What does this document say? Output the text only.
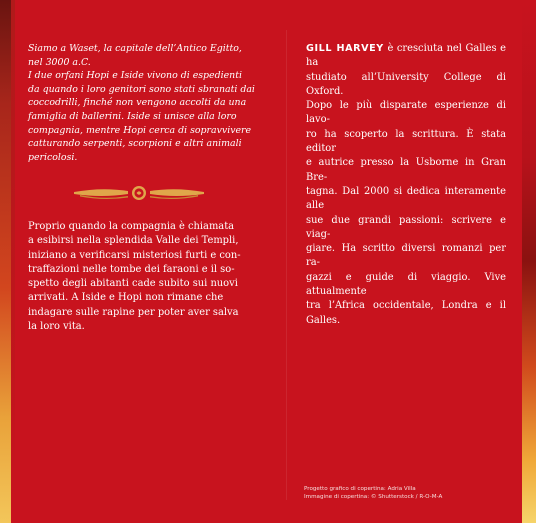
Siamo a Waset, la capitale dell’Antico Egitto,
nel 3000 a.C.
I due orfani Hopi e Iside vivono di espedienti
da quando i loro genitori sono stati sbranati dai
coccodrilli, finché non vengono accolti da una
famiglia di ballerini. Iside si unisce alla loro
compagnia, mentre Hopi cerca di sopravvivere
catturando serpenti, scorpioni e altri animali
pericolosi.

Proprio quando la compagnia è chiamata
a esibirsi nella splendida Valle dei Templi,
iniziano a verificarsi misteriosi furti e con-
traffazioni nelle tombe dei faraoni e il so-
spetto degli abitanti cade subito sui nuovi
arrivati. A Iside e Hopi non rimane che
indagare sulle rapine per poter aver salva
la loro vita.

GILL HARVEY è cresciuta nel Galles e ha
studiato all’University College di Oxford.
Dopo le più disparate esperienze di lavo-
ro ha scoperto la scrittura. È stata editor
e autrice presso la Usborne in Gran Bre-
tagna. Dal 2000 si dedica interamente alle
sue due grandi passioni: scrivere e viag-
giare. Ha scritto diversi romanzi per ra-
gazzi e guide di viaggio. Vive attualmente
tra l’Africa occidentale, Londra e il Galles.

Progetto grafico di copertina: Adria Villa
Immagine di copertina: © Shutterstock / R-O-M-A
